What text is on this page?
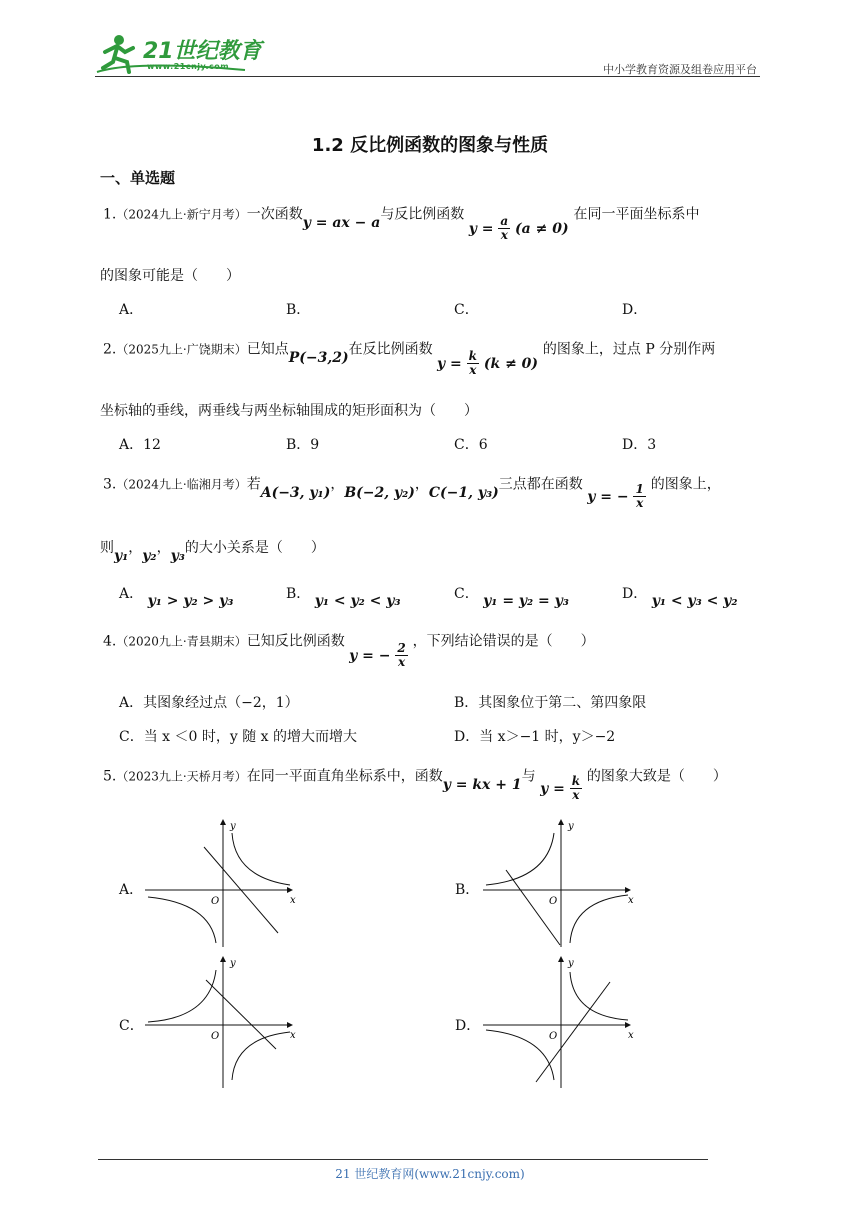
21世纪教育
www.21cnjy.com	中小学教育资源及组卷应用平台
1.2 反比例函数的图象与性质
一、单选题
1.（2024九上·新宁月考）一次函数y = ax − a与反比例函数 $y = \frac{a}{x} (a \ne 0)$ 在同一平面坐标系中
的图象可能是（　　）
A．	B．	C．	D．
2.（2025九上·广饶期末）已知点P(−3,2)在反比例函数 $y = \frac{k}{x} (k \ne 0)$ 的图象上，过点 P 分别作两
坐标轴的垂线，两垂线与两坐标轴围成的矩形面积为（　　）
A．12	B．9	C．6	D．3
3.（2024九上·临湘月考）若A(−3, y₁)，B(−2, y₂)，C(−1, y₃)三点都在函数 y = − $\frac{1}{x}$ 的图象上，
则y₁，y₂，y₃的大小关系是（　　）
A． y₁ > y₂ > y₃	B． y₁ < y₂ < y₃	C． y₁ = y₂ = y₃	D． y₁ < y₃ < y₂
4.（2020九上·青县期末）已知反比例函数 y = − $\frac{2}{x}$
，下列结论错误的是（　　）
A．其图象经过点（−2，1）	B．其图象位于第二、第四象限
C．当 x ＜0 时，y 随 x 的增大而增大	D．当 x＞−1 时，y＞−2
5.（2023九上·天桥月考）在同一平面直角坐标系中，函数y = kx + 1与 $y = \frac{k}{x}$ 的图象大致是（　　）
A．	B．
C．	D．
y
x
O
y
x
O
y
x
O
y
x
O
21 世纪教育网(www.21cnjy.com)
